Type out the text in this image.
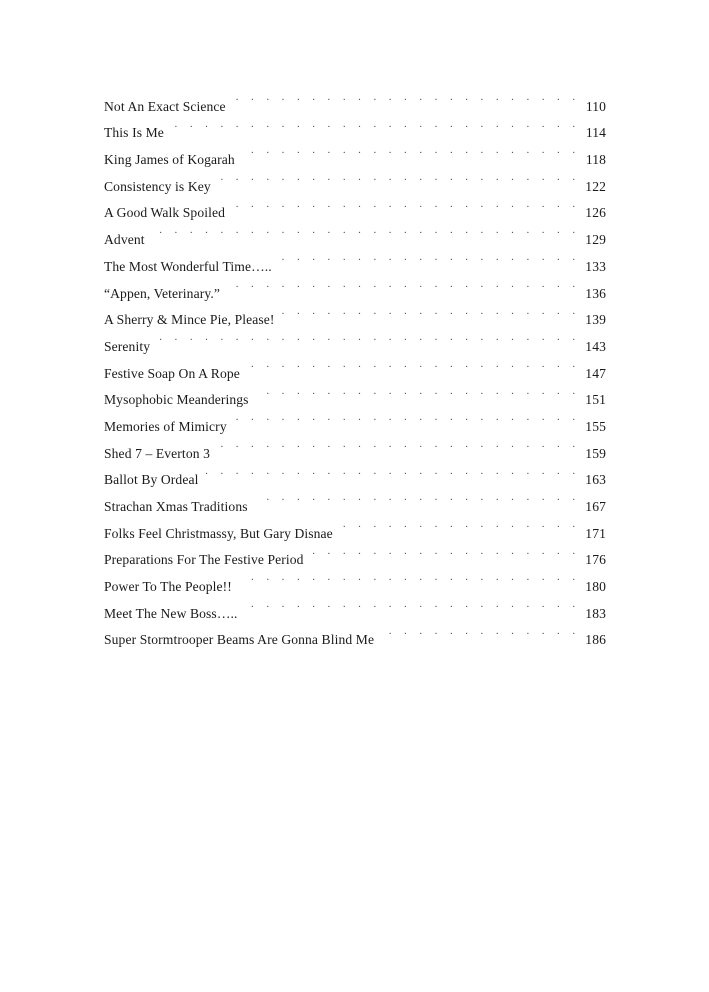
Not An Exact Science . . .	110
This Is Me . . .	114
King James of Kogarah . . .	118
Consistency is Key . . .	122
A Good Walk Spoiled . . .	126
Advent . . .	129
The Most Wonderful Time….. . . .	133
“Appen, Veterinary.” . . .	136
A Sherry & Mince Pie, Please! . . .	139
Serenity . . .	143
Festive Soap On A Rope . . .	147
Mysophobic Meanderings . . .	151
Memories of Mimicry . . .	155
Shed 7 – Everton 3 . . .	159
Ballot By Ordeal . . .	163
Strachan Xmas Traditions . . .	167
Folks Feel Christmassy, But Gary Disnae . . .	171
Preparations For The Festive Period . . .	176
Power To The People!! . . .	180
Meet The New Boss….. . . .	183
Super Stormtrooper Beams Are Gonna Blind Me . . .	186
